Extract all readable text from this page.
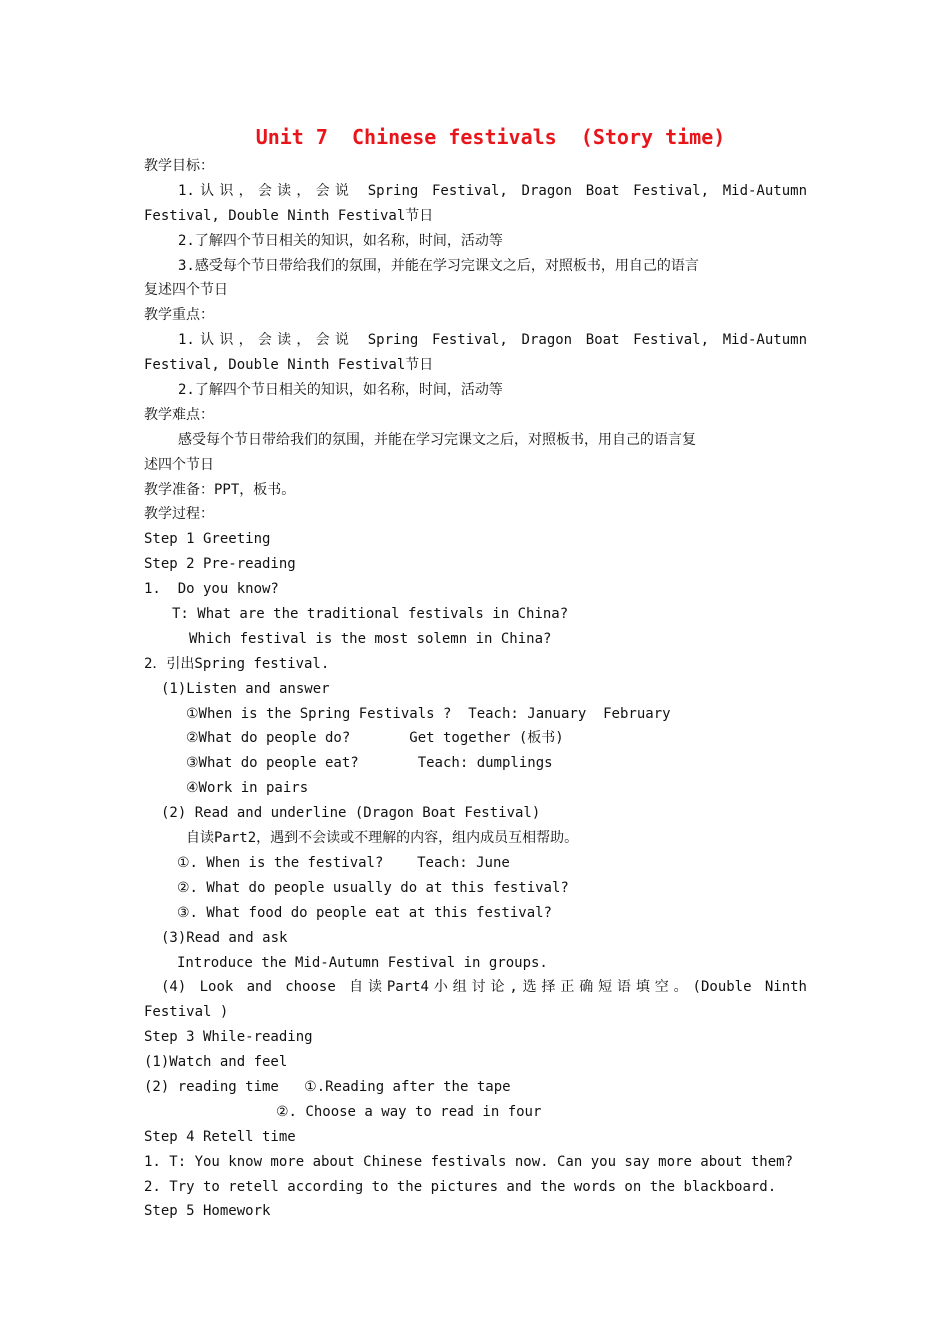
Unit 7  Chinese festivals  (Story time)
教学目标：
1.认识，会读，会说 Spring Festival, Dragon Boat Festival, Mid-Autumn
Festival, Double Ninth Festival节日
2.了解四个节日相关的知识，如名称，时间，活动等
3.感受每个节日带给我们的氛围，并能在学习完课文之后，对照板书，用自己的语言
复述四个节日
教学重点：
1.认识，会读，会说 Spring Festival, Dragon Boat Festival, Mid-Autumn
Festival, Double Ninth Festival节日
2.了解四个节日相关的知识，如名称，时间，活动等
教学难点：
感受每个节日带给我们的氛围，并能在学习完课文之后，对照板书，用自己的语言复
述四个节日
教学准备：PPT，板书。
教学过程：
Step 1 Greeting
Step 2 Pre-reading
1.  Do you know?
T: What are the traditional festivals in China?
Which festival is the most solemn in China?
2．引出Spring festival.
(1)Listen and answer
①When is the Spring Festivals ?  Teach: January  February
②What do people do?       Get together (板书)
③What do people eat?       Teach: dumplings
④Work in pairs
(2) Read and underline (Dragon Boat Festival)
自读Part2，遇到不会读或不理解的内容，组内成员互相帮助。
①. When is the festival?    Teach: June
②. What do people usually do at this festival?
③. What food do people eat at this festival?
(3)Read and ask
Introduce the Mid-Autumn Festival in groups.
(4) Look and choose 自读Part4小组讨论,选择正确短语填空。(Double Ninth
Festival )
Step 3 While-reading
(1)Watch and feel
(2) reading time   ①.Reading after the tape
②. Choose a way to read in four
Step 4 Retell time
1. T: You know more about Chinese festivals now. Can you say more about them?
2. Try to retell according to the pictures and the words on the blackboard.
Step 5 Homework
